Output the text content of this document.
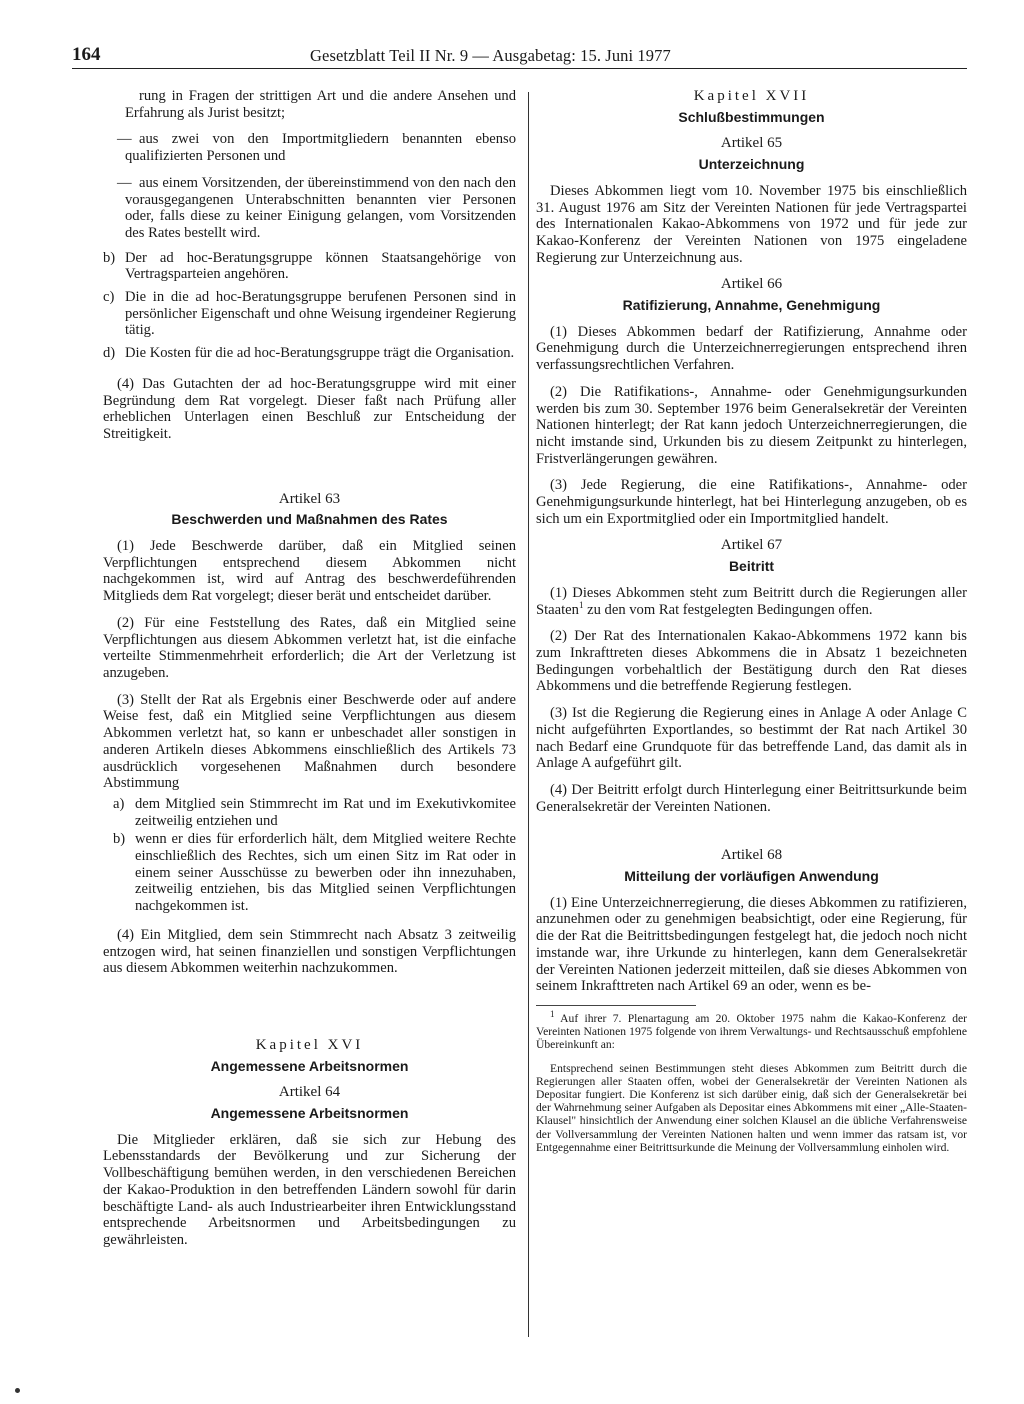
164	Gesetzblatt Teil II Nr. 9 — Ausgabetag: 15. Juni 1977

rung in Fragen der strittigen Art und die andere Ansehen und Erfahrung als Jurist besitzt;

— aus zwei von den Importmitgliedern benannten ebenso qualifizierten Personen und

— aus einem Vorsitzenden, der übereinstimmend von den nach den vorausgegangenen Unterabschnitten benannten vier Personen oder, falls diese zu keiner Einigung gelangen, vom Vorsitzenden des Rates bestellt wird.

b) Der ad hoc-Beratungsgruppe können Staatsangehörige von Vertragsparteien angehören.
c) Die in die ad hoc-Beratungsgruppe berufenen Personen sind in persönlicher Eigenschaft und ohne Weisung irgendeiner Regierung tätig.
d) Die Kosten für die ad hoc-Beratungsgruppe trägt die Organisation.

(4) Das Gutachten der ad hoc-Beratungsgruppe wird mit einer Begründung dem Rat vorgelegt. Dieser faßt nach Prüfung aller erheblichen Unterlagen einen Beschluß zur Entscheidung der Streitigkeit.

Artikel 63
Beschwerden und Maßnahmen des Rates

(1) Jede Beschwerde darüber, daß ein Mitglied seinen Verpflichtungen entsprechend diesem Abkommen nicht nachgekommen ist, wird auf Antrag des beschwerdeführenden Mitglieds dem Rat vorgelegt; dieser berät und entscheidet darüber.

(2) Für eine Feststellung des Rates, daß ein Mitglied seine Verpflichtungen aus diesem Abkommen verletzt hat, ist die einfache verteilte Stimmenmehrheit erforderlich; die Art der Verletzung ist anzugeben.

(3) Stellt der Rat als Ergebnis einer Beschwerde oder auf andere Weise fest, daß ein Mitglied seine Verpflichtungen aus diesem Abkommen verletzt hat, so kann er unbeschadet aller sonstigen in anderen Artikeln dieses Abkommens einschließlich des Artikels 73 ausdrücklich vorgesehenen Maßnahmen durch besondere Abstimmung

a) dem Mitglied sein Stimmrecht im Rat und im Exekutivkomitee zeitweilig entziehen und
b) wenn er dies für erforderlich hält, dem Mitglied weitere Rechte einschließlich des Rechtes, sich um einen Sitz im Rat oder in einem seiner Ausschüsse zu bewerben oder ihn innezuhaben, zeitweilig entziehen, bis das Mitglied seinen Verpflichtungen nachgekommen ist.

(4) Ein Mitglied, dem sein Stimmrecht nach Absatz 3 zeitweilig entzogen wird, hat seinen finanziellen und sonstigen Verpflichtungen aus diesem Abkommen weiterhin nachzukommen.

Kapitel XVI
Angemessene Arbeitsnormen
Artikel 64
Angemessene Arbeitsnormen

Die Mitglieder erklären, daß sie sich zur Hebung des Lebensstandards der Bevölkerung und zur Sicherung der Vollbeschäftigung bemühen werden, in den verschiedenen Bereichen der Kakao-Produktion in den betreffenden Ländern sowohl für darin beschäftigte Land- als auch Industriearbeiter ihren Entwicklungsstand entsprechende Arbeitsnormen und Arbeitsbedingungen zu gewährleisten.

Kapitel XVII
Schlußbestimmungen
Artikel 65
Unterzeichnung

Dieses Abkommen liegt vom 10. November 1975 bis einschließlich 31. August 1976 am Sitz der Vereinten Nationen für jede Vertragspartei des Internationalen Kakao-Abkommens von 1972 und für jede zur Kakao-Konferenz der Vereinten Nationen von 1975 eingeladene Regierung zur Unterzeichnung aus.

Artikel 66
Ratifizierung, Annahme, Genehmigung

(1) Dieses Abkommen bedarf der Ratifizierung, Annahme oder Genehmigung durch die Unterzeichnerregierungen entsprechend ihren verfassungsrechtlichen Verfahren.

(2) Die Ratifikations-, Annahme- oder Genehmigungsurkunden werden bis zum 30. September 1976 beim Generalsekretär der Vereinten Nationen hinterlegt; der Rat kann jedoch Unterzeichnerregierungen, die nicht imstande sind, Urkunden bis zu diesem Zeitpunkt zu hinterlegen, Fristverlängerungen gewähren.

(3) Jede Regierung, die eine Ratifikations-, Annahme- oder Genehmigungsurkunde hinterlegt, hat bei Hinterlegung anzugeben, ob es sich um ein Exportmitglied oder ein Importmitglied handelt.

Artikel 67
Beitritt

(1) Dieses Abkommen steht zum Beitritt durch die Regierungen aller Staaten$^1$ zu den vom Rat festgelegten Bedingungen offen.

(2) Der Rat des Internationalen Kakao-Abkommens 1972 kann bis zum Inkrafttreten dieses Abkommens die in Absatz 1 bezeichneten Bedingungen vorbehaltlich der Bestätigung durch den Rat dieses Abkommens und die betreffende Regierung festlegen.

(3) Ist die Regierung die Regierung eines in Anlage A oder Anlage C nicht aufgeführten Exportlandes, so bestimmt der Rat nach Artikel 30 nach Bedarf eine Grundquote für das betreffende Land, das damit als in Anlage A aufgeführt gilt.

(4) Der Beitritt erfolgt durch Hinterlegung einer Beitrittsurkunde beim Generalsekretär der Vereinten Nationen.

Artikel 68
Mitteilung der vorläufigen Anwendung

(1) Eine Unterzeichnerregierung, die dieses Abkommen zu ratifizieren, anzunehmen oder zu genehmigen beabsichtigt, oder eine Regierung, für die der Rat die Beitrittsbedingungen festgelegt hat, die jedoch noch nicht imstande war, ihre Urkunde zu hinterlegen, kann dem Generalsekretär der Vereinten Nationen jederzeit mitteilen, daß sie dieses Abkommen von seinem Inkrafttreten nach Artikel 69 an oder, wenn es be-

$^1$ Auf ihrer 7. Plenartagung am 20. Oktober 1975 nahm die Kakao-Konferenz der Vereinten Nationen 1975 folgende von ihrem Verwaltungs- und Rechtsausschuß empfohlene Übereinkunft an:

Entsprechend seinen Bestimmungen steht dieses Abkommen zum Beitritt durch die Regierungen aller Staaten offen, wobei der Generalsekretär der Vereinten Nationen als Depositar fungiert. Die Konferenz ist sich darüber einig, daß sich der Generalsekretär bei der Wahrnehmung seiner Aufgaben als Depositar eines Abkommens mit einer „Alle-Staaten-Klausel" hinsichtlich der Anwendung einer solchen Klausel an die übliche Verfahrensweise der Vollversammlung der Vereinten Nationen halten und wenn immer das ratsam ist, vor Entgegennahme einer Beitrittsurkunde die Meinung der Vollversammlung einholen wird.
